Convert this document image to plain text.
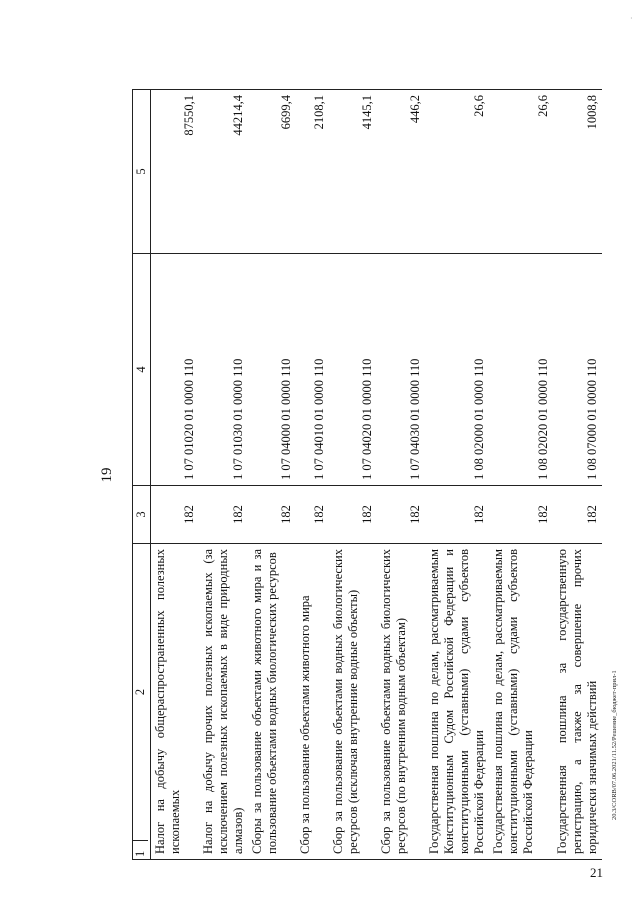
19
1
2	3	4	5
Налог на добычу общераспространенных полезных ископаемых	182	1 07 01020 01 0000 110	87550,1
Налог на добычу прочих полезных ископаемых (за исключением полезных ископаемых в виде природных алмазов)	182	1 07 01030 01 0000 110	44214,4
Сборы за пользование объектами животного мира и за пользование объектами водных биологических ресурсов	182	1 07 04000 01 0000 110	6699,4
Сбор за пользование объектами животного мира	182	1 07 04010 01 0000 110	2108,1
Сбор за пользование объектами водных биологических ресурсов (исключая внутренние водные объекты)	182	1 07 04020 01 0000 110	4145,1
Сбор за пользование объектами водных биологических ресурсов (по внутренним водным объектам)	182	1 07 04030 01 0000 110	446,2
Государственная пошлина по делам, рассматриваемым Конституционным Судом Российской Федерации и конституционными (уставными) судами субъектов Российской Федерации	182	1 08 02000 01 0000 110	26,6
Государственная пошлина по делам, рассматриваемым конституционными (уставными) судами субъектов Российской Федерации	182	1 08 02020 01 0000 110	26,6
Государственная пошлина за государственную регистрацию, а также за совершение прочих юридически значимых действий	182	1 08 07000 01 0000 110	1008,8
20.3/CORB/07.06.2021/11.52/Решение_бюджет-прил-1
·
21
